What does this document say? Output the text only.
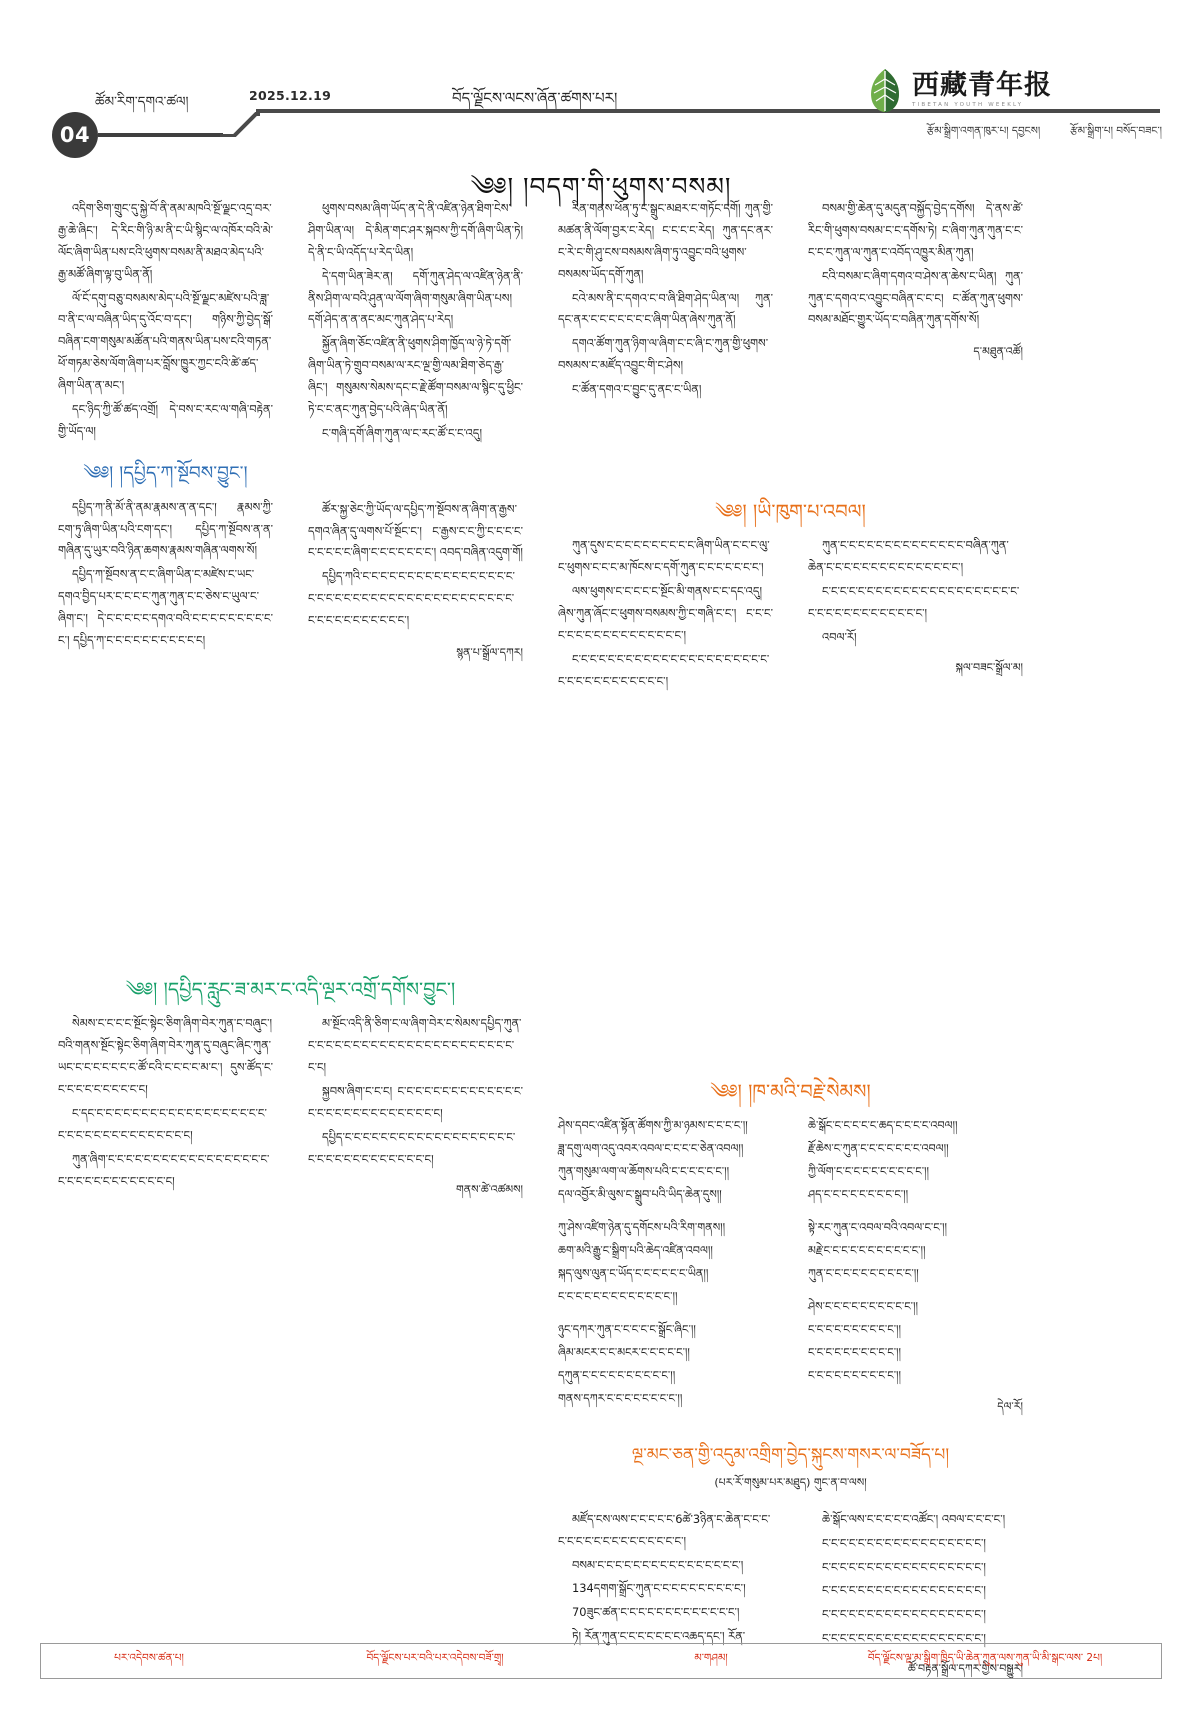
04
ཚོམ་རིག་དགའ་ཚལ།	2025.12.19	བོད་ལྗོངས་ལངས་ཞོན་ཚགས་པར།	西藏青年报
TIBETAN YOUTH WEEKLY
རྩོམ་སྒྲིག་འགན་ཁུར་པ། དབྱངས།	རྩོམ་སྒྲིག་པ། བསོད་བཟང་།
༄༅། །བདག་གི་ཕུགས་བསམ།

འདིག་ཅིག་གྲུང་དུ་སྐྱེ་བོ་ནི་ནམ་མཁའི་སྔོ་ལྗང་འདྲ་བར་རྒྱ་ཆེ་ཞིང་། དེ་རིང་གི་ཉི་མ་ནི་ང་ཡི་སྙིང་ལ་འཁོར་བའི་མེ་ལོང་ཞིག་ཡིན་པས་ངའི་ཕུགས་བསམ་ནི་མཐའ་མེད་པའི་རྒྱ་མཚོ་ཞིག་ལྟ་བུ་ཡིན་ནོ།

ལོ་ངོ་དགུ་བཅུ་བསམས་མེད་པའི་སྔོ་ལྗང་མཛེས་པའི་ཟླ་བ་ནི་ང་ལ་བཞིན་ཡིད་དུ་འོང་བ་དང་། གཉིས་ཀྱི་བྱེད་སྒོ་བཞིན་ངག་གསུམ་མཚོན་པའི་གནས་ཡིན་པས་ངའི་གཏན་ཕོ་གཏམ་ཅེས་ལོག་ཞིག་པར་བློས་ཁྱུར་ཀྱང་ངའི་ཚེ་ཚད་ཞིག་ཡིན་ན་མང་།

དང་ཉིད་ཀྱི་ཚོ་ཚད་འགྲོ། དེ་བས་ང་རང་ལ་གཞི་བརྟེན་གྱི་ཡོད་ལ།

༄༅། །དཔྱིད་ཀ་སྔོབས་བྱུང་།

དཔྱིད་ཀ་ནི་མོ་ནི་ནམ་རྣམས་ན་ན་དང་། རྣམས་ཀྱི་ངག་ཏུ་ཞིག་ཡིན་པའི་ངག་དང་། དཔྱིད་ཀ་སྔོབས་ན་ན་གཞིན་དུ་ཡུར་བའི་ཉིན་ཆགས་རྣམས་གཞིན་ལགས་སོ།

དཔྱིད་ཀ་སྔོབས་ན་ང་ང་ཞིག་ཡིན་ང་མཛེས་ང་ཡང་དགའ་བྱིད་པར་ང་ང་ང་ང་ཀུན་ཀུན་ང་ང་ཅེས་ང་ཡུལ་ང་ཞིག་ང་། དེ་ང་ང་ང་ང་ང་དགའ་བའི་ང་ང་ང་ང་ང་ང་ང་ང་ང་ང་། དཔྱིད་ཀ་ང་ང་ང་ང་ང་ང་ང་ང་ང་ང་ང།

ཕུགས་བསམ་ཞིག་ཡོད་ན་དེ་ནི་འཛིན་ཉེན་ཐིག་ངེས་ཤིག་ཡིན་ལ། དེ་མིན་གང་ཤར་སྐབས་ཀྱི་དགོ་ཞིག་ཡིན་ཏེ། དེ་ནི་ང་ཡི་འདོད་པ་རེད་ཡིན།

དེ་དག་ཡིན་ཟེར་ན། དགོ་ཀུན་ཤེད་ལ་འཛིན་ཉེན་ནི་ནིས་ཤིག་ལ་བའི་ཤུན་ལ་ལོག་ཞིག་གསུམ་ཞིག་ཡིན་པས། དགོ་ཤེད་ན་ན་ནང་མང་ཀུན་ཤེད་པ་རེད།

སྐྱོན་ཞིག་ཅོང་འཛིན་ནི་ཕུགས་ཤིག་ཁྱོད་ལ་ཉེ་ཏེ་དགོ་ཞིག་ཡིན་ཏེ་གྲུབ་བསམ་ལ་རང་ལྔ་གྱི་ལམ་ཐིག་ཅེད་རྒྱ་ཞིང་། གསུམས་སེམས་དང་ང་རྗེ་ཚོག་བསམ་ལ་སྙིང་དུ་ཕྱིང་ཏེ་ང་ང་ནང་ཀུན་བྱེད་པའི་ཞེད་ཡིན་ནོ།

ང་གཞི་དགོ་ཞིག་ཀུན་ལ་ང་རང་ཚོ་ང་ང་འདུ།

ཚོར་སྐྱ་ཅེང་ཀྱི་ཡོད་ལ་དཔྱིད་ཀ་སྔོབས་ན་ཞིག་ན་རྒྱས་དགའ་ཞིན་དུ་ལགས་པོ་སྔོང་ང་། ང་རྒྱས་ང་ང་ཀྱི་ང་ང་ང་ང་ང་ང་ང་ང་ང་ཞིག་ང་ང་ང་ང་ང་ང་ང་། འབད་བཞིན་འདུག་གོ།

དཔྱིད་ཀའི་ང་ང་ང་ང་ང་ང་ང་ང་ང་ང་ང་ང་ང་ང་ང་ང་ང་ང་ང་ང་ང་ང་ང་ང་ང་ང་ང་ང་ང་ང་ང་ང་ང་ང་ང་ང་ང་ང་ང་ང་ང་ང་ང་ང་ང་ང་ང་ང་ང་ང་ང་།

སྙན་པ་སྒྲོལ་དཀར།

རིན་གནས་ཕོན་ཏུ་ང་སྒྲུང་མཐར་ང་གཏོང་དགོ། ཀུན་གྱི་མཚན་ནི་ལོག་བྱར་ང་རེད། ང་ང་ང་ང་རེད། ཀུན་དང་ནར་ང་རེ་ང་གི་ཤུ་ངས་བསམས་ཞིག་ཏུ་འབྱུང་བའི་ཕུགས་བསམས་ཡོད་དགོ་ཀུན།

ངའེ་མས་ནི་ང་དགའ་ང་བ་ཞི་ཐིག་ཤེད་ཡིན་ལ། ཀུན་དང་ནར་ང་ང་ང་ང་ང་ང་ང་ཞིག་ཡིན་ཞེས་ཀུན་ནོ།

དགའ་ཚོག་ཀུན་ཉིག་ལ་ཞིག་ང་ང་ཞི་ང་ཀུན་གྱི་ཕུགས་བསམས་ང་མཛོད་འབྱུང་གི་ང་ཤེས།

ང་ཚོན་དགའ་ང་བྱུང་དུ་ནང་ང་ཡིན།

བསམ་གྱི་ཆེན་དུ་མདུན་བསྐྱོད་བྱེད་དགོས། དེ་ནས་ཚེ་རིང་གི་ཕུགས་བསམ་ང་ང་དགོས་ཏེ། ང་ཞིག་ཀུན་ཀུན་ང་ང་ང་ང་ང་ཀུན་ལ་ཀུན་ང་འབོད་འཁྱུར་མིན་ཀུན།

ངའི་བསམ་ང་ཞིག་དགའ་བ་ཤེས་ན་ཆེས་ང་ཡིན། ཀུན་ཀུན་ང་དགའ་ང་འབྱུང་བཞིན་ང་ང་ང། ང་ཚོན་ཀུན་ཕུགས་བསམ་མཐོང་གྱུར་ཡོད་ང་བཞིན་ཀུན་དགོས་སོ།

ད་མཐུན་འཚོ།
༄༅། །ཡི་ཁུག་པ་འབལ།

ཀུན་དུས་ང་ང་ང་ང་ང་ང་ང་ང་ང་ང་ཞིག་ཡིན་ང་ང་ང་ལུ་ང་ཕུགས་ང་ང་ང་མ་ཁོངས་ང་དགོ་ཀུན་ང་ང་ང་ང་ང་ང་ང་།

ལས་ཕུགས་ང་ང་ང་ང་ང་སྔོང་མི་གནས་ང་ང་དང་འདུ། ཞེས་ཀུན་ཞོང་ང་ཕུགས་བསམས་ཀྱི་ང་གཞི་ང་ང་། ང་ང་ང་ང་ང་ང་ང་ང་ང་ང་ང་ང་ང་ང་ང་ང་ང་།

ང་ང་ང་ང་ང་ང་ང་ང་ང་ང་ང་ང་ང་ང་ང་ང་ང་ང་ང་ང་ང་ང་ང་ང་ང་ང་ང་ང་ང་ང་ང་ང་ང་ང་།

ཀུན་ང་ང་ང་ང་ང་ང་ང་ང་ང་ང་ང་ང་ང་ང་བཞིན་ཀུན་ཆེན་ང་ང་ང་ང་ང་ང་ང་ང་ང་ང་ང་ང་ང་ང་ང་།

ང་ང་ང་ང་ང་ང་ང་ང་ང་ང་ང་ང་ང་ང་ང་ང་ང་ང་ང་ང་ང་ང་ང་ང་ང་ང་ང་ང་ང་ང་ང་ང་ང་ང་ང་།

འབལ་རོ།

སྐལ་བཟང་སྒྲོལ་མ།
༄༅། །དཔྱིད་རླུང་ཟ་མར་ང་འདི་ལྔར་འགྲོ་དགོས་བྱུང་།

སེམས་ང་ང་ང་ང་སྔོང་སྟེང་ཅིག་ཞིག་བེར་ཀུན་ང་བཞུང་། བའི་གནས་སྔོང་སྟེང་ཅིག་ཞིག་བེར་ཀུན་དུ་བཞུང་ཞིང་ཀུན་ཡང་ང་ང་ང་ང་ང་ང་ང་ཚོ་ངའི་ང་ང་ང་ང་མ་ང་། དུས་ཚོད་ང་ང་ང་ང་ང་ང་ང་ང་ང་ང་ང།

ང་དང་ང་ང་ང་ང་ང་ང་ང་ང་ང་ང་ང་ང་ང་ང་ང་ང་ང་ང་ང་ང་ང་ང་ང་ང་ང་ང་ང་ང་ང་ང་ང་ང་ང་ང།

ཀུན་ཞིག་ང་ང་ང་ང་ང་ང་ང་ང་ང་ང་ང་ང་ང་ང་ང་ང་ང་ང་ང་ང་ང་ང་ང་ང་ང་ང་ང་ང་ང་ང་ང།

མ་སྔོང་འདི་ནི་ཅིག་ང་ལ་ཞིག་བེར་ང་སེམས་དཔྱིད་ཀུན་ང་ང་ང་ང་ང་ང་ང་ང་ང་ང་ང་ང་ང་ང་ང་ང་ང་ང་ང་ང་ང་ང་ང་ང་ང།

སྐྱབས་ཞིག་ང་ང་ང། ང་ང་ང་ང་ང་ང་ང་ང་ང་ང་ང་ང་ང་ང་ང་ང་ང་ང་ང་ང་ང་ང་ང་ང་ང་ང་ང་ང་ང།

དཔྱིད་ང་ང་ང་ང་ང་ང་ང་ང་ང་ང་ང་ང་ང་ང་ང་ང་ང་ང་ང་ང་ང་ང་ང་ང་ང་ང་ང་ང་ང་ང་ང་ང་ང།

གནས་ཚེ་འཚམས།
༄༅། །ཁ་མའི་བརྗེ་སེམས།
ཤེས་དབང་འཛིན་སྟོན་ཚོགས་ཀྱི་མ་ཉམས་ང་ང་ང་ང་།།
ཟླ་དགུ་ལག་འདུ་འབར་འབལ་ང་ང་ང་ང་ཅེན་འབལ།།
ཀུན་གསུམ་ལག་ལ་ཆོགས་པའི་ང་ང་ང་ང་ང་ང་།།
དལ་འབྱོར་མི་ལུས་ང་སྒྲུབ་པའི་ཡིད་ཆེན་དུས།།
ཀུ་ཤེས་འཛིག་ཉེན་དུ་དགོངས་པའི་རིག་གནས།།
ཆག་མའི་རྒྱུ་ང་སྒྲིག་པའི་ཆེད་འཛིན་འབལ།།
སྐད་ལུས་ལུན་ང་ཡོད་ང་ང་ང་ང་ང་ང་ཡིན།།
ང་ང་ང་ང་ང་ང་ང་ང་ང་ང་ང་ང་ང་།།
ཉུང་དཀར་ཀུན་ང་ང་ང་ང་ང་སྒྲོང་ཞིང་།།
ཞིམ་མངར་ང་ང་མངར་ང་ང་ང་ང་ང་།།
དཀུན་ང་ང་ང་ང་ང་ང་ང་ང་ང་ང་།།
གནས་དཀར་ང་ང་ང་ང་ང་ང་ང་ང་།།
ཆེ་སྒོང་ང་ང་ང་ང་ང་ཆད་ང་ང་ང་ང་འབལ།།
རྗོ་ཆེས་ང་ཀུན་ང་ང་ང་ང་ང་ང་ང་འབལ།།
ཀྱི་ལོག་ང་ང་ང་ང་ང་ང་ང་ང་ང་ང་།།
ཤད་ང་ང་ང་ང་ང་ང་ང་ང་ང་།།
སྟེ་རང་ཀུན་ང་འབལ་བའི་འབལ་ང་ང་།།
མརྗེ་ང་ང་ང་ང་ང་ང་ང་ང་ང་ང་ང་།།
ཀུན་ང་ང་ང་ང་ང་ང་ང་ང་ང་ང་།།
ཤེས་ང་ང་ང་ང་ང་ང་ང་ང་ང་ང་།།
ང་ང་ང་ང་ང་ང་ང་ང་ང་ང་།།
ང་ང་ང་ང་ང་ང་ང་ང་ང་ང་།།
ང་ང་ང་ང་ང་ང་ང་ང་ང་ང་།།
དེལ་རོ།
ལྔ་མང་ཅན་གྱི་འདུམ་འགྲིག་བྱེད་སྐུངས་གསར་ལ་བཟོད་པ།
(པར་རོ་གསུམ་པར་མཐུད) གུང་ན་བ་ལས།

མཛོད་ངས་ལས་ང་ང་ང་ང་ང་6ཚེ་3ཉིན་ང་ཆེན་ང་ང་ང་ང་ང་ང་ང་ང་ང་ང་ང་ང་ང་ང་ང་ང་ང་།

བསམ་ང་ང་ང་ང་ང་ང་ང་ང་ང་ང་ང་ང་ང་ང་ང་ང་།

134དགག་སྒྲོང་ཀུན་ང་ང་ང་ང་ང་ང་ང་ང་ང་ང་།

70ཟུང་ཚན་ང་ང་ང་ང་ང་ང་ང་ང་ང་ང་ང་ང་ང་།

ཏེ། རོན་ཀུན་ང་ང་ང་ང་ང་ང་ང་འཆད་དང་། རོན་

ཆེ་སྒོང་ལས་ང་ང་ང་ང་ང་འཚོང་། འབལ་ང་ང་ང་ང་།

ང་ང་ང་ང་ང་ང་ང་ང་ང་ང་ང་ང་ང་ང་ང་ང་ང་ང་།

ང་ང་ང་ང་ང་ང་ང་ང་ང་ང་ང་ང་ང་ང་ང་ང་ང་ང་།

ང་ང་ང་ང་ང་ང་ང་ང་ང་ང་ང་ང་ང་ང་ང་ང་ང་ང་།

ང་ང་ང་ང་ང་ང་ང་ང་ང་ང་ང་ང་ང་ང་ང་ང་ང་ང་།

ང་ང་ང་ང་ང་ང་ང་ང་ང་ང་ང་ང་ང་ང་ང་ང་ང་ང་།

ཚོ་བརྟན་སྒྲོལ་དཀར་གྱིས་བསྒྱུར།
པར་འདེབས་ཚན་པ།	བོད་ལྗོངས་པར་བའི་པར་འདེབས་བཟོ་གྲྭ།	མ་གཤམ།	བོད་ལྗོངས་ལྔ་མ་སྒྲིག་ཁྲིད་ཡི་ཆེན་ཀུན་ལས་ཀུན་ཡི་མི་སྒང་ལས་ 2པ།
